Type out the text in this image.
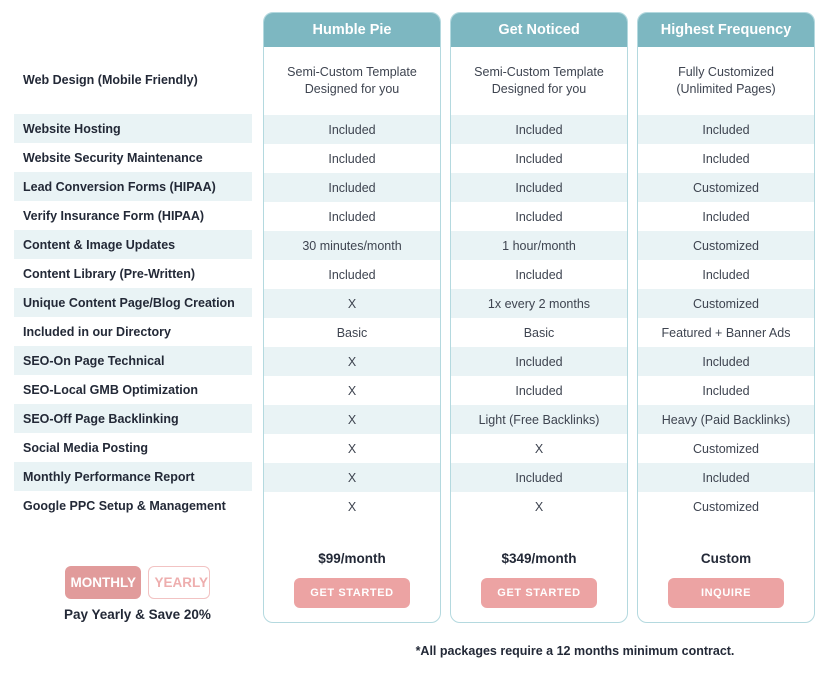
Web Design (Mobile Friendly)
Website Hosting
Website Security Maintenance
Lead Conversion Forms (HIPAA)
Verify Insurance Form (HIPAA)
Content & Image Updates
Content Library (Pre-Written)
Unique Content Page/Blog Creation
Included in our Directory
SEO-On Page Technical
SEO-Local GMB Optimization
SEO-Off Page Backlinking
Social Media Posting
Monthly Performance Report
Google PPC Setup & Management
MONTHLY	YEARLY
Pay Yearly & Save 20%
*All packages require a 12 months minimum contract.
Humble Pie
Semi-Custom Template
Designed for you
Included
Included
Included
Included
30 minutes/month
Included
X
Basic
X
X
X
X
X
X
$99/month
GET STARTED
Get Noticed
Semi-Custom Template
Designed for you
Included
Included
Included
Included
1 hour/month
Included
1x every 2 months
Basic
Included
Included
Light (Free Backlinks)
X
Included
X
$349/month
GET STARTED
Highest Frequency
Fully Customized
(Unlimited Pages)
Included
Included
Customized
Included
Customized
Included
Customized
Featured + Banner Ads
Included
Included
Heavy (Paid Backlinks)
Customized
Included
Customized
Custom
INQUIRE
